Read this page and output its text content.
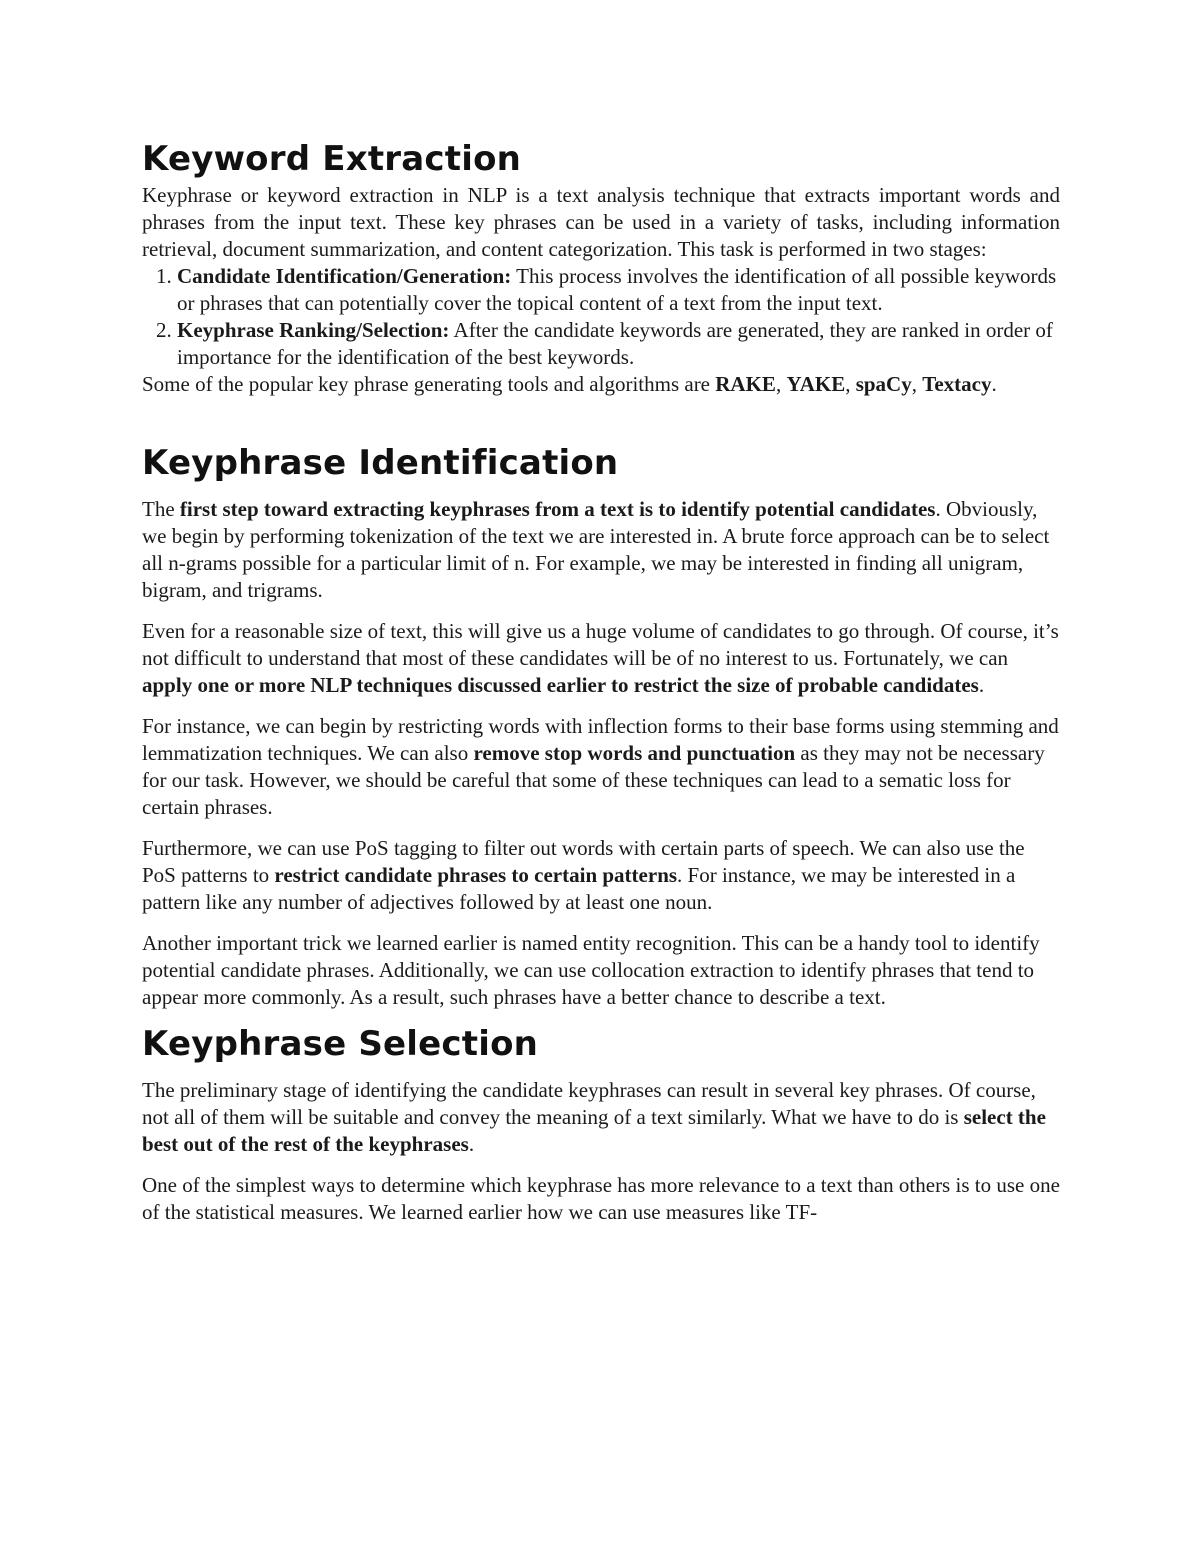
Keyword Extraction

Keyphrase or keyword extraction in NLP is a text analysis technique that extracts important words and phrases from the input text. These key phrases can be used in a variety of tasks, including information retrieval, document summarization, and content categorization. This task is performed in two stages:

1. Candidate Identification/Generation: This process involves the identification of all possible keywords or phrases that can potentially cover the topical content of a text from the input text.
2. Keyphrase Ranking/Selection: After the candidate keywords are generated, they are ranked in order of importance for the identification of the best keywords.

Some of the popular key phrase generating tools and algorithms are RAKE, YAKE, spaCy, Textacy.

Keyphrase Identification

The first step toward extracting keyphrases from a text is to identify potential candidates. Obviously, we begin by performing tokenization of the text we are interested in. A brute force approach can be to select all n-grams possible for a particular limit of n. For example, we may be interested in finding all unigram, bigram, and trigrams.

Even for a reasonable size of text, this will give us a huge volume of candidates to go through. Of course, it’s not difficult to understand that most of these candidates will be of no interest to us. Fortunately, we can apply one or more NLP techniques discussed earlier to restrict the size of probable candidates.

For instance, we can begin by restricting words with inflection forms to their base forms using stemming and lemmatization techniques. We can also remove stop words and punctuation as they may not be necessary for our task. However, we should be careful that some of these techniques can lead to a sematic loss for certain phrases.

Furthermore, we can use PoS tagging to filter out words with certain parts of speech. We can also use the PoS patterns to restrict candidate phrases to certain patterns. For instance, we may be interested in a pattern like any number of adjectives followed by at least one noun.

Another important trick we learned earlier is named entity recognition. This can be a handy tool to identify potential candidate phrases. Additionally, we can use collocation extraction to identify phrases that tend to appear more commonly. As a result, such phrases have a better chance to describe a text.

Keyphrase Selection

The preliminary stage of identifying the candidate keyphrases can result in several key phrases. Of course, not all of them will be suitable and convey the meaning of a text similarly. What we have to do is select the best out of the rest of the keyphrases.

One of the simplest ways to determine which keyphrase has more relevance to a text than others is to use one of the statistical measures. We learned earlier how we can use measures like TF-
